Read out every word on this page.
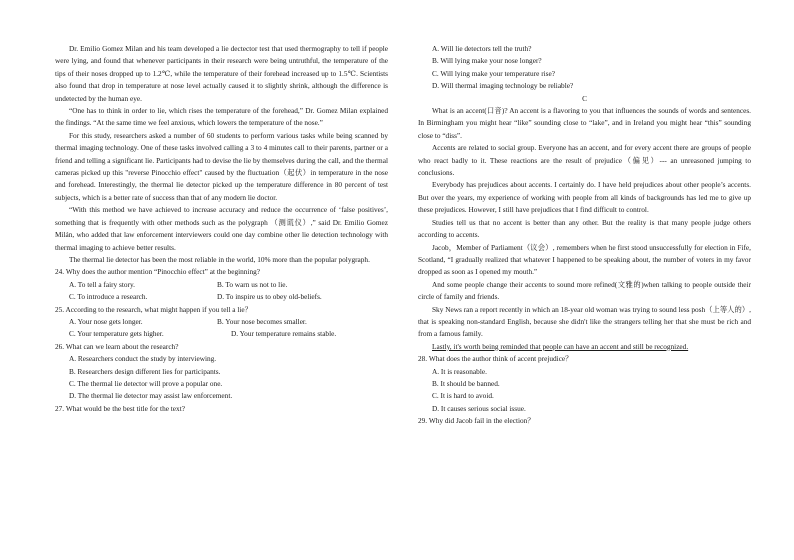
Dr. Emilio Gomez Milan and his team developed a lie dectector test that used thermography to tell if people were lying, and found that whenever participants in their research were being untruthful, the temperature of the tips of their noses dropped up to 1.2℃, while the temperature of their forehead increased up to 1.5℃. Scientists also found that drop in temperature at nose level actually caused it to slightly shrink, although the difference is undetected by the human eye.

“One has to think in order to lie, which rises the temperature of the forehead,” Dr. Gomez Milan explained the findings. “At the same time we feel anxious, which lowers the temperature of the nose.”

For this study, researchers asked a number of 60 students to perform various tasks while being scanned by thermal imaging technology. One of these tasks involved calling a 3 to 4 minutes call to their parents, partner or a friend and telling a significant lie. Participants had to devise the lie by themselves during the call, and the thermal cameras picked up this "reverse Pinocchio effect" caused by the fluctuation（起伏）in temperature in the nose and forehead. Interestingly, the thermal lie detector picked up the temperature difference in 80 percent of test subjects, which is a better rate of success than that of any modern lie doctor.

“With this method we have achieved to increase accuracy and reduce the occurrence of ‘false positives’, something that is frequently with other methods such as the polygraph （测谎仪）,” said Dr. Emilio Gomez Milán, who added that law enforcement interviewers could one day combine other lie detection technology with thermal imaging to achieve better results.

The thermal lie detector has been the most reliable in the world, 10% more than the popular polygraph.

24. Why does the author mention “Pinocchio effect” at the beginning?

A. To tell a fairy story.	B. To warn us not to lie.
C. To introduce a research.	D. To inspire us to obey old-beliefs.

25. According to the research, what might happen if you tell a lie？

A. Your nose gets longer.	B. Your nose becomes smaller.
C. Your temperature gets higher.	D. Your temperature remains stable.

26. What can we learn about the research?

A. Researchers conduct the study by interviewing.

B. Researchers design different lies for participants.

C. The thermal lie detector will prove a popular one.

D. The thermal lie detector may assist law enforcement.

27. What would be the best title for the text?

A. Will lie detectors tell the truth?

B. Will lying make your nose longer?

C. Will lying make your temperature rise?

D. Will thermal imaging technology be reliable?

C

What is an accent(口音)? An accent is a flavoring to you that influences the sounds of words and sentences. In Birmingham you might hear “like” sounding close to “lake”, and in Ireland you might hear “this” sounding close to “diss”.

Accents are related to social group. Everyone has an accent, and for every accent there are groups of people who react badly to it. These reactions are the result of prejudice（偏见）--- an unreasoned jumping to conclusions.

Everybody has prejudices about accents. I certainly do. I have held prejudices about other people’s accents. But over the years, my experience of working with people from all kinds of backgrounds has led me to give up these prejudices. However, I still have prejudices that I find difficult to control.

Studies tell us that no accent is better than any other. But the reality is that many people judge others according to accents.

Jacob，Member of Parliament（议会）, remembers when he first stood unsuccessfully for election in Fife, Scotland, “I gradually realized that whatever I happened to be speaking about, the number of voters in my favor dropped as soon as I opened my mouth.”

And some people change their accents to sound more refined(文雅的)when talking to people outside their circle of family and friends.

Sky News ran a report recently in which an 18-year old woman was trying to sound less posh（上等人的）, that is speaking non-standard English, because she didn't like the strangers telling her that she must be rich and from a famous family.

Lastly, it's worth being reminded that people can have an accent and still be recognized.

28. What does the author think of accent prejudice？

A. It is reasonable.

B. It should be banned.

C. It is hard to avoid.

D. It causes serious social issue.

29. Why did Jacob fail in the election？
